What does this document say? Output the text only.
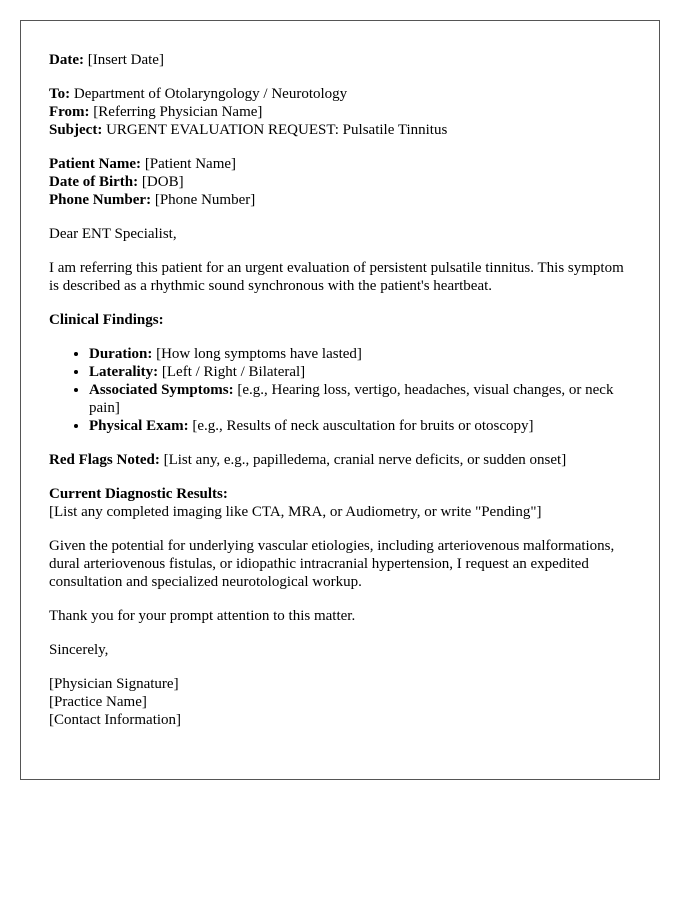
Date: [Insert Date]

To: Department of Otolaryngology / Neurotology
From: [Referring Physician Name]
Subject: URGENT EVALUATION REQUEST: Pulsatile Tinnitus
Patient Name: [Patient Name]
Date of Birth: [DOB]
Phone Number: [Phone Number]

Dear ENT Specialist,

I am referring this patient for an urgent evaluation of persistent pulsatile tinnitus. This symptom is described as a rhythmic sound synchronous with the patient's heartbeat.

Clinical Findings:

• Duration: [How long symptoms have lasted]
• Laterality: [Left / Right / Bilateral]
• Associated Symptoms: [e.g., Hearing loss, vertigo, headaches, visual changes, or neck pain]
• Physical Exam: [e.g., Results of neck auscultation for bruits or otoscopy]

Red Flags Noted: [List any, e.g., papilledema, cranial nerve deficits, or sudden onset]

Current Diagnostic Results:
[List any completed imaging like CTA, MRA, or Audiometry, or write "Pending"]

Given the potential for underlying vascular etiologies, including arteriovenous malformations, dural arteriovenous fistulas, or idiopathic intracranial hypertension, I request an expedited consultation and specialized neurotological workup.

Thank you for your prompt attention to this matter.

Sincerely,

[Physician Signature]
[Practice Name]
[Contact Information]
